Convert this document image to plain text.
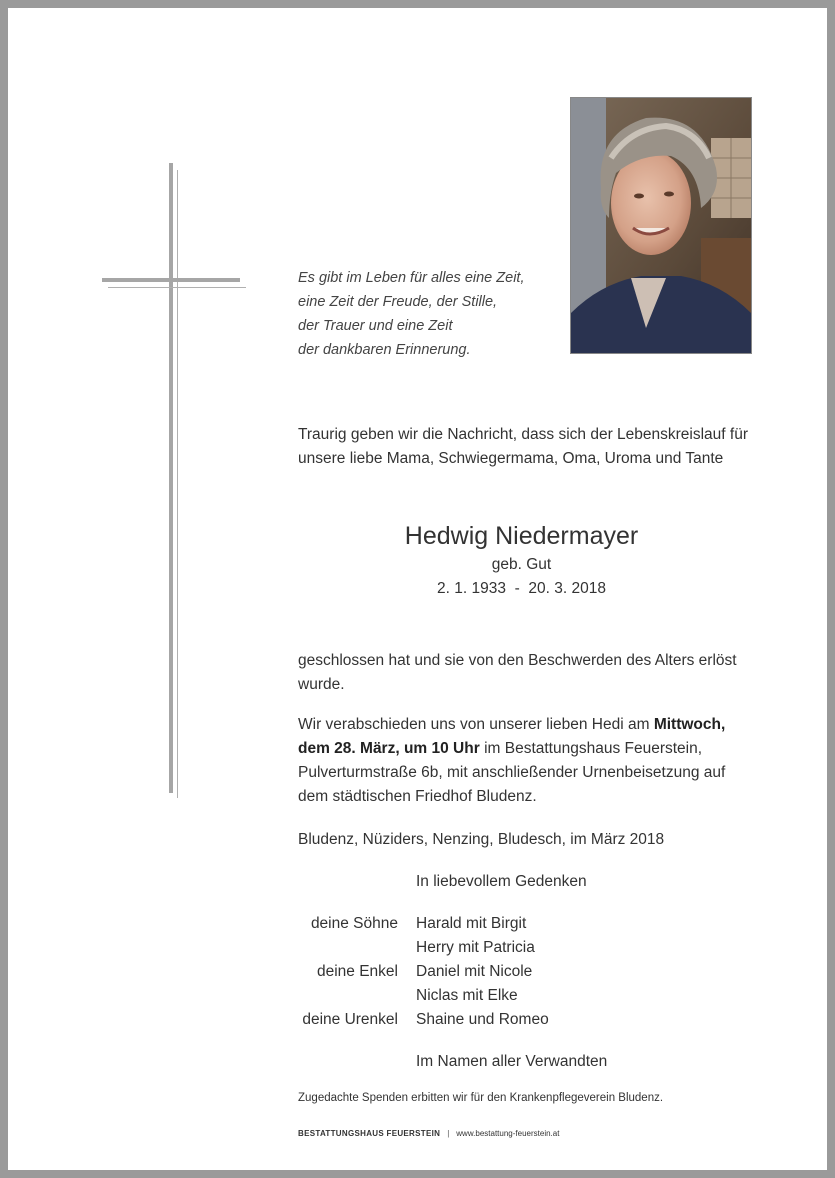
Es gibt im Leben für alles eine Zeit,
eine Zeit der Freude, der Stille,
der Trauer und eine Zeit
der dankbaren Erinnerung.
Traurig geben wir die Nachricht, dass sich der Lebenskreislauf für unsere liebe Mama, Schwiegermama, Oma, Uroma und Tante
Hedwig Niedermayer
geb. Gut
2. 1. 1933  -  20. 3. 2018
geschlossen hat und sie von den Beschwerden des Alters erlöst wurde.
Wir verabschieden uns von unserer lieben Hedi am Mittwoch, dem 28. März, um 10 Uhr im Bestattungshaus Feuerstein, Pulverturmstraße 6b, mit anschließender Urnenbeisetzung auf dem städtischen Friedhof Bludenz.
Bludenz, Nüziders, Nenzing, Bludesch, im März 2018
In liebevollem Gedenken
deine Söhne	Harald mit Birgit
Herry mit Patricia
deine Enkel	Daniel mit Nicole
Niclas mit Elke
deine Urenkel	Shaine und Romeo
Im Namen aller Verwandten
Zugedachte Spenden erbitten wir für den Krankenpflegeverein Bludenz.
BESTATTUNGSHAUS FEUERSTEIN | www.bestattung-feuerstein.at
